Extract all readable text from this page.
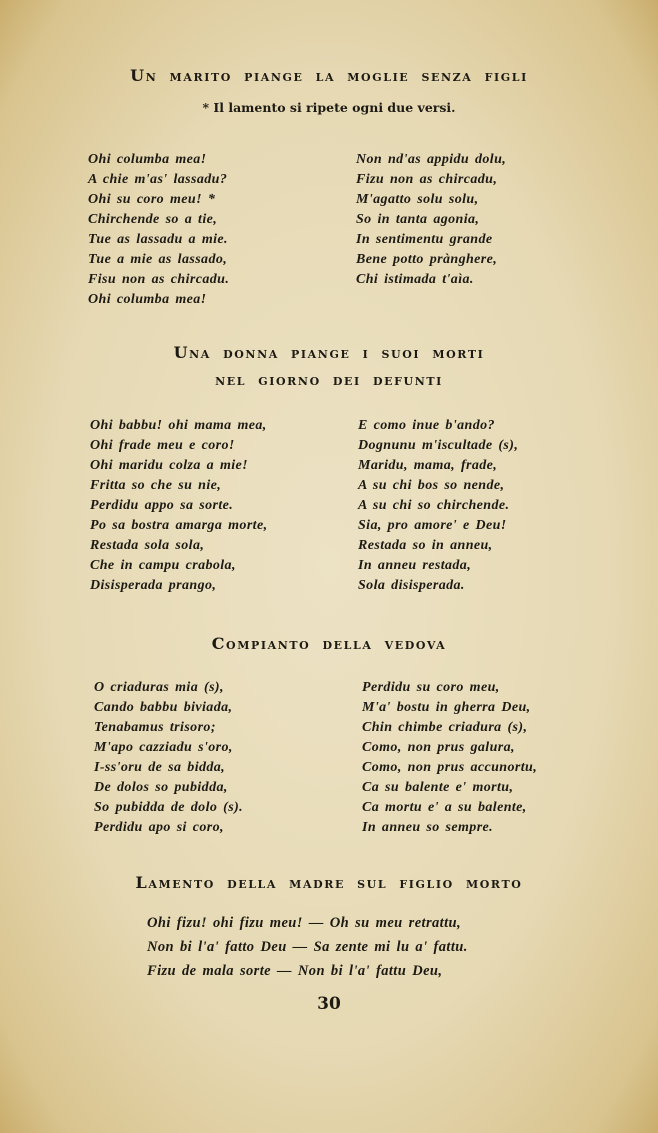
Un marito piange la moglie senza figli
* Il lamento si ripete ogni due versi.
Ohi columba mea!
A chie m'as' lassadu?
Ohi su coro meu! *
Chirchende so a tie,
Tue as lassadu a mie.
Tue a mie as lassado,
Fisu non as chircadu.
Ohi columba mea!
Non nd'as appidu dolu,
Fizu non as chircadu,
M'agatto solu solu,
So in tanta agonia,
In sentimentu grande
Bene potto prànghere,
Chi istimada t'aìa.
Una donna piange i suoi morti
nel giorno dei defunti
Ohi babbu! ohi mama mea,
Ohi frade meu e coro!
Ohi maridu colza a mie!
Fritta so che su nie,
Perdidu appo sa sorte.
Po sa bostra amarga morte,
Restada sola sola,
Che in campu crabola,
Disisperada prango,
E como inue b'ando?
Dognunu m'iscultade (s),
Maridu, mama, frade,
A su chi bos so nende,
A su chi so chirchende.
Sia, pro amore' e Deu!
Restada so in anneu,
In anneu restada,
Sola disisperada.
Compianto della vedova
O criaduras mia (s),
Cando babbu biviada,
Tenabamus trisoro;
M'apo cazziadu s'oro,
I-ss'oru de sa bidda,
De dolos so pubidda,
So pubidda de dolo (s).
Perdidu apo si coro,
Perdidu su coro meu,
M'a' bostu in gherra Deu,
Chin chimbe criadura (s),
Como, non prus galura,
Como, non prus accunortu,
Ca su balente e' mortu,
Ca mortu e' a su balente,
In anneu so sempre.
Lamento della madre sul figlio morto
Ohi fizu! ohi fizu meu! — Oh su meu retrattu,
Non bi l'a' fatto Deu — Sa zente mi lu a' fattu.
Fizu de mala sorte — Non bi l'a' fattu Deu,
30
